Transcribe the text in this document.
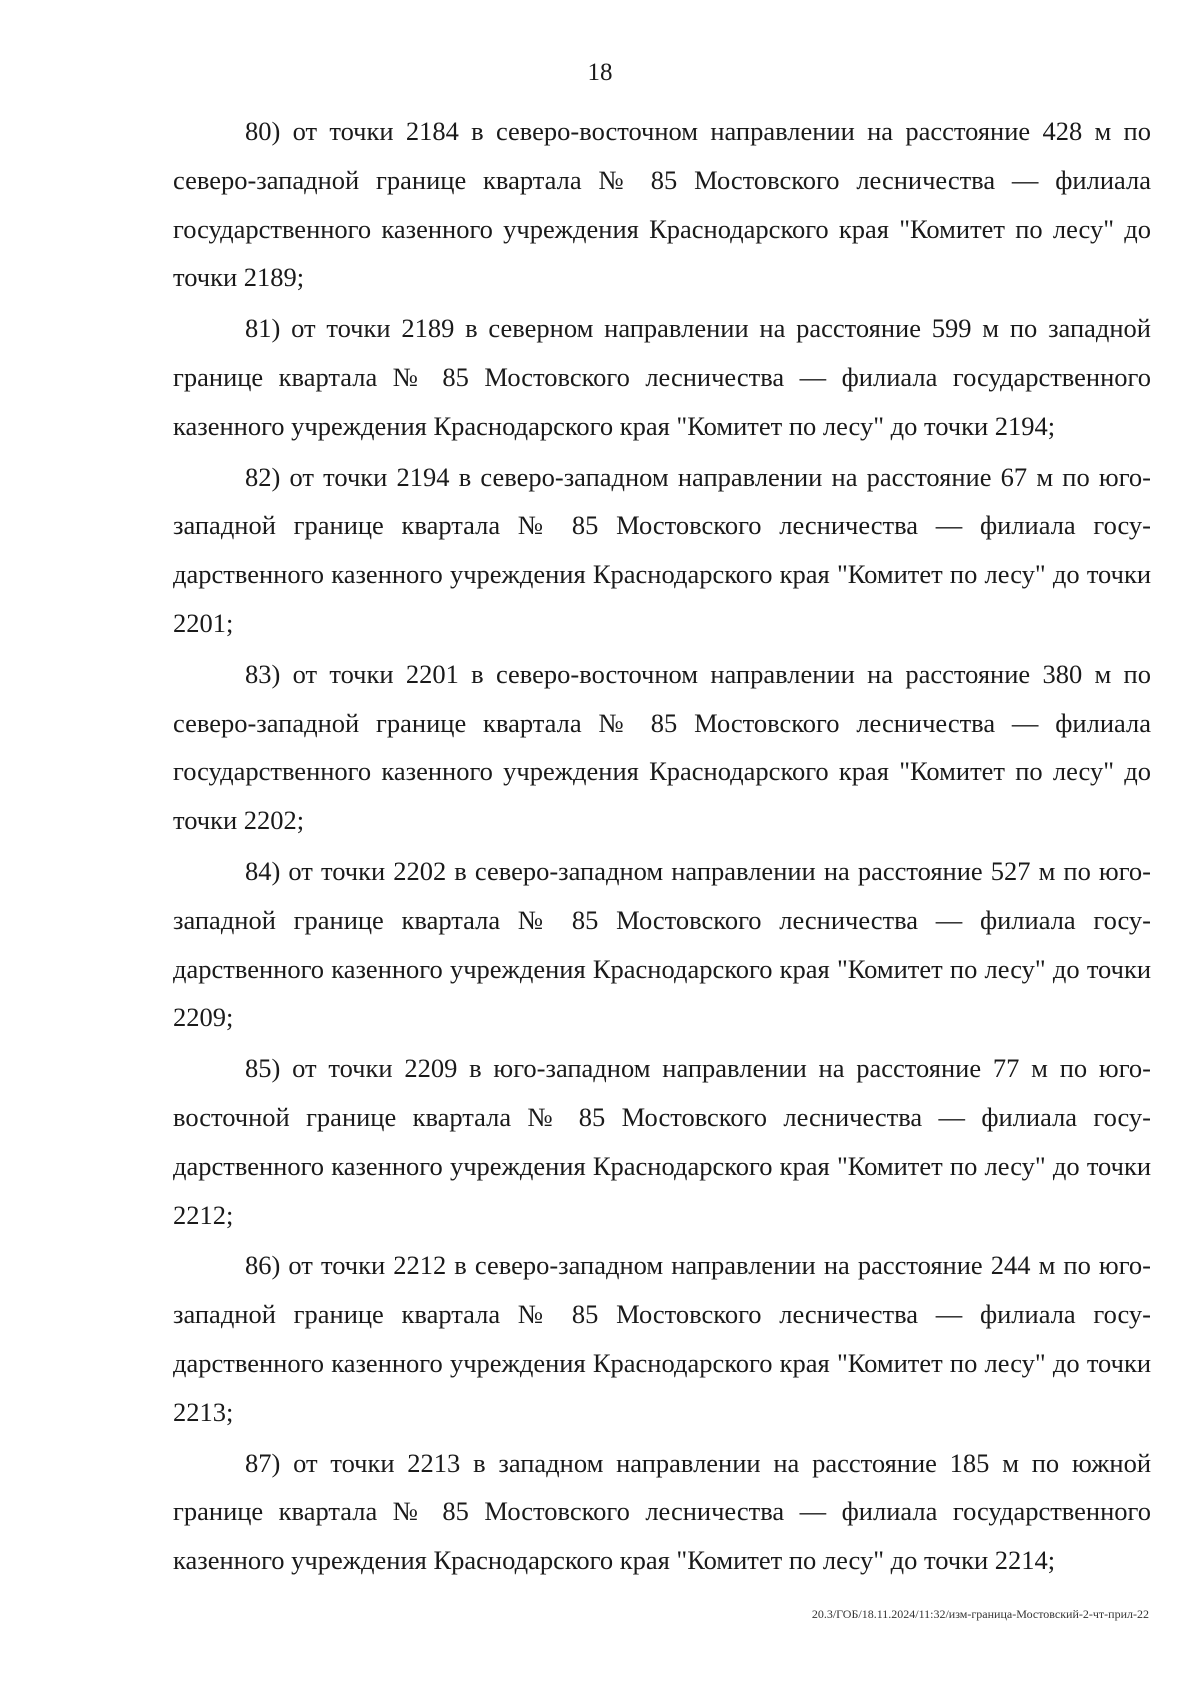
18

80) от точки 2184 в северо-восточном направлении на расстояние 428 м по северо-западной границе квартала № 85 Мостовского лесничества — филиала государственного казенного учреждения Краснодарского края "Комитет по лесу" до точки 2189;

81) от точки 2189 в северном направлении на расстояние 599 м по западной границе квартала № 85 Мостовского лесничества — филиала государственного казенного учреждения Краснодарского края "Комитет по лесу" до точки 2194;

82) от точки 2194 в северо-западном направлении на расстояние 67 м по юго-западной границе квартала № 85 Мостовского лесничества — филиала государственного казенного учреждения Краснодарского края "Комитет по лесу" до точки 2201;

83) от точки 2201 в северо-восточном направлении на расстояние 380 м по северо-западной границе квартала № 85 Мостовского лесничества — филиала государственного казенного учреждения Краснодарского края "Комитет по лесу" до точки 2202;

84) от точки 2202 в северо-западном направлении на расстояние 527 м по юго-западной границе квартала № 85 Мостовского лесничества — филиала государственного казенного учреждения Краснодарского края "Комитет по лесу" до точки 2209;

85) от точки 2209 в юго-западном направлении на расстояние 77 м по юго-восточной границе квартала № 85 Мостовского лесничества — филиала государственного казенного учреждения Краснодарского края "Комитет по лесу" до точки 2212;

86) от точки 2212 в северо-западном направлении на расстояние 244 м по юго-западной границе квартала № 85 Мостовского лесничества — филиала государственного казенного учреждения Краснодарского края "Комитет по лесу" до точки 2213;

87) от точки 2213 в западном направлении на расстояние 185 м по южной границе квартала № 85 Мостовского лесничества — филиала государственного казенного учреждения Краснодарского края "Комитет по лесу" до точки 2214;

20.3/ГОБ/18.11.2024/11:32/изм-граница-Мостовский-2-чт-прил-22
